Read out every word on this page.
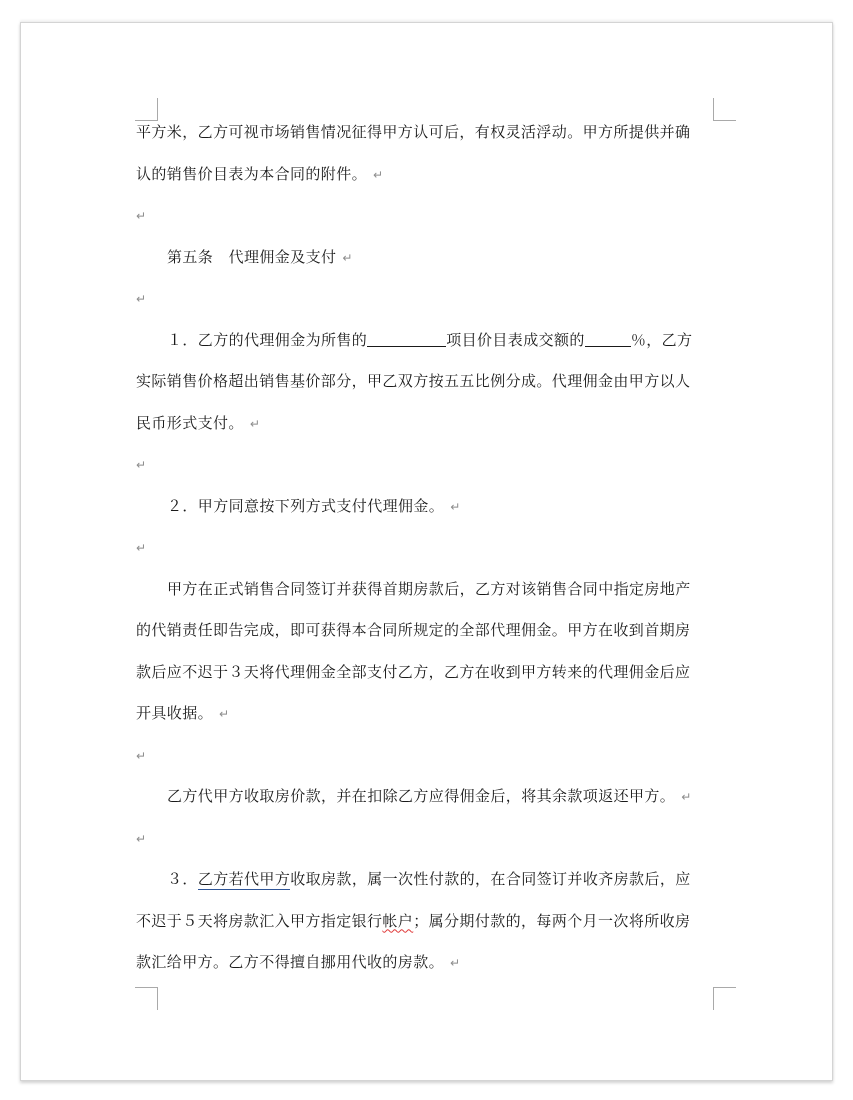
平方米，乙方可视市场销售情况征得甲方认可后，有权灵活浮动。甲方所提供并确
认的销售价目表为本合同的附件。 ↵
↵
第五条　代理佣金及支付 ↵
↵
１．乙方的代理佣金为所售的	项目价目表成交额的	％，乙方
实际销售价格超出销售基价部分，甲乙双方按五五比例分成。代理佣金由甲方以人
民币形式支付。 ↵
↵
２．甲方同意按下列方式支付代理佣金。 ↵
↵
甲方在正式销售合同签订并获得首期房款后，乙方对该销售合同中指定房地产
的代销责任即告完成，即可获得本合同所规定的全部代理佣金。甲方在收到首期房
款后应不迟于３天将代理佣金全部支付乙方，乙方在收到甲方转来的代理佣金后应
开具收据。 ↵
↵
乙方代甲方收取房价款，并在扣除乙方应得佣金后，将其余款项返还甲方。 ↵
↵
３．乙方若代甲方收取房款，属一次性付款的，在合同签订并收齐房款后，应
不迟于５天将房款汇入甲方指定银行帐户；属分期付款的，每两个月一次将所收房
款汇给甲方。乙方不得擅自挪用代收的房款。 ↵
